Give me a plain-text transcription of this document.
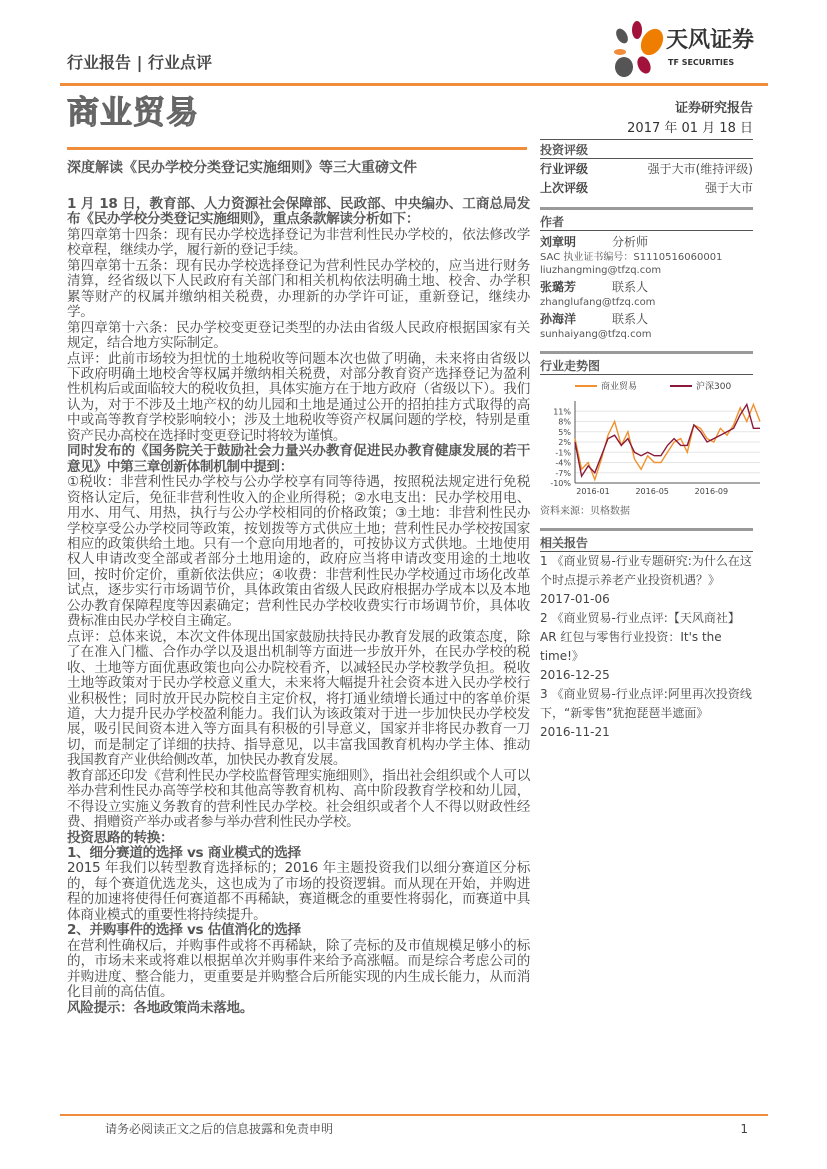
行业报告 | 行业点评
天风证券
TF SECURITIES
商业贸易
深度解读《民办学校分类登记实施细则》等三大重磅文件

1 月 18 日，教育部、人力资源社会保障部、民政部、中央编办、工商总局发布《民办学校分类登记实施细则》，重点条款解读分析如下：

第四章第十四条：现有民办学校选择登记为非营利性民办学校的，依法修改学校章程，继续办学，履行新的登记手续。

第四章第十五条：现有民办学校选择登记为营利性民办学校的，应当进行财务清算，经省级以下人民政府有关部门和相关机构依法明确土地、校舍、办学积累等财产的权属并缴纳相关税费，办理新的办学许可证，重新登记，继续办学。

第四章第十六条：民办学校变更登记类型的办法由省级人民政府根据国家有关规定，结合地方实际制定。

点评：此前市场较为担忧的土地税收等问题本次也做了明确，未来将由省级以下政府明确土地校舍等权属并缴纳相关税费，对部分教育资产选择登记为盈利性机构后或面临较大的税收负担，具体实施方在于地方政府（省级以下）。我们认为，对于不涉及土地产权的幼儿园和土地是通过公开的招拍挂方式取得的高中或高等教育学校影响较小；涉及土地税收等资产权属问题的学校，特别是重资产民办高校在选择时变更登记时将较为谨慎。

同时发布的《国务院关于鼓励社会力量兴办教育促进民办教育健康发展的若干意见》中第三章创新体制机制中提到：

①税收：非营利性民办学校与公办学校享有同等待遇，按照税法规定进行免税资格认定后，免征非营利性收入的企业所得税；②水电支出：民办学校用电、用水、用气、用热，执行与公办学校相同的价格政策；③土地：非营利性民办学校享受公办学校同等政策，按划拨等方式供应土地；营利性民办学校按国家相应的政策供给土地。只有一个意向用地者的，可按协议方式供地。土地使用权人申请改变全部或者部分土地用途的，政府应当将申请改变用途的土地收回，按时价定价，重新依法供应；④收费：非营利性民办学校通过市场化改革试点，逐步实行市场调节价，具体政策由省级人民政府根据办学成本以及本地公办教育保障程度等因素确定；营利性民办学校收费实行市场调节价，具体收费标准由民办学校自主确定。

点评：总体来说，本次文件体现出国家鼓励扶持民办教育发展的政策态度，除了在准入门槛、合作办学以及退出机制等方面进一步放开外，在民办学校的税收、土地等方面优惠政策也向公办院校看齐，以减轻民办学校教学负担。税收土地等政策对于民办学校意义重大，未来将大幅提升社会资本进入民办学校行业积极性；同时放开民办院校自主定价权，将打通业绩增长通过中的客单价渠道，大力提升民办学校盈利能力。我们认为该政策对于进一步加快民办学校发展，吸引民间资本进入等方面具有积极的引导意义，国家并非将民办教育一刀切，而是制定了详细的扶持、指导意见，以丰富我国教育机构办学主体、推动我国教育产业供给侧改革，加快民办教育发展。

教育部还印发《营利性民办学校监督管理实施细则》，指出社会组织或个人可以举办营利性民办高等学校和其他高等教育机构、高中阶段教育学校和幼儿园，不得设立实施义务教育的营利性民办学校。社会组织或者个人不得以财政性经费、捐赠资产举办或者参与举办营利性民办学校。

投资思路的转换：

1、细分赛道的选择 vs 商业模式的选择

2015 年我们以转型教育选择标的；2016 年主题投资我们以细分赛道区分标的，每个赛道优选龙头，这也成为了市场的投资逻辑。而从现在开始，并购进程的加速将使得任何赛道都不再稀缺，赛道概念的重要性将弱化，而赛道中具体商业模式的重要性将持续提升。

2、并购事件的选择 vs 估值消化的选择

在营利性确权后，并购事件或将不再稀缺，除了壳标的及市值规模足够小的标的，市场未来或将难以根据单次并购事件来给予高涨幅。而是综合考虑公司的并购进度、整合能力，更重要是并购整合后所能实现的内生成长能力，从而消化目前的高估值。

风险提示：各地政策尚未落地。

证券研究报告
2017 年 01 月 18 日
投资评级
行业评级	强于大市(维持评级)
上次评级	强于大市
作者
刘章明	分析师
SAC 执业证书编号：S1110516060001
liuzhangming@tfzq.com
张璐芳	联系人
zhanglufang@tfzq.com
孙海洋	联系人
sunhaiyang@tfzq.com
行业走势图
11%
8%
5%
2%
-1%
-4%
-7%
-10%
2016-01	2016-05	2016-09
商业贸易	沪深300
资料来源：贝格数据
相关报告
1 《商业贸易-行业专题研究:为什么在这个时点提示养老产业投资机遇？》
2017-01-06
2 《商业贸易-行业点评:【天风商社】AR 红包与零售行业投资：It's the time!》
2016-12-25
3 《商业贸易-行业点评:阿里再次投资线下，“新零售”犹抱琵琶半遮面》
2016-11-21
请务必阅读正文之后的信息披露和免责申明	1
